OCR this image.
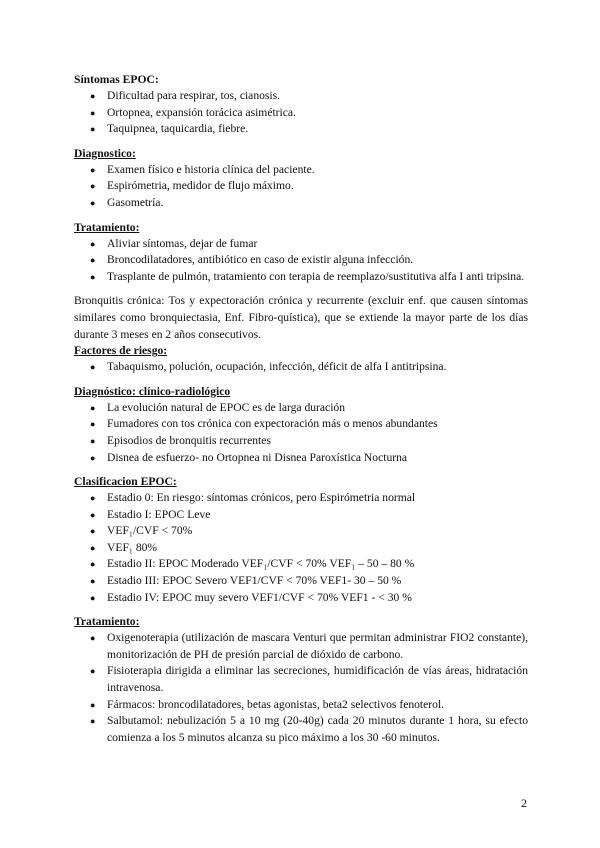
Síntomas EPOC:

● Dificultad para respirar, tos, cianosis.
● Ortopnea, expansión torácica asimétrica.
● Taquipnea, taquicardia, fiebre.

Diagnostico:

● Examen físico e historia clínica del paciente.
● Espirómetria, medidor de flujo máximo.
● Gasometría.

Tratamiento:

● Aliviar síntomas, dejar de fumar
● Broncodilatadores, antibiótico en caso de existir alguna infección.
● Trasplante de pulmón, tratamiento con terapia de reemplazo/sustitutiva alfa I anti tripsina.

Bronquitis crónica: Tos y expectoración crónica y recurrente (excluir enf. que causen síntomas similares como bronquiectasia, Enf. Fibro-quística), que se extiende la mayor parte de los días durante 3 meses en 2 años consecutivos.

Factores de riesgo:

● Tabaquismo, polución, ocupación, infección, déficit de alfa I antitripsina.

Diagnóstico: clínico-radiológico

● La evolución natural de EPOC es de larga duración
● Fumadores con tos crónica con expectoración más o menos abundantes
● Episodios de bronquitis recurrentes
● Disnea de esfuerzo- no Ortopnea ni Disnea Paroxística Nocturna

Clasificacion EPOC:

● Estadio 0: En riesgo: síntomas crónicos, pero Espirómetria normal
● Estadio I: EPOC Leve
● VEF₁/CVF < 70%
● VEF₁ 80%
● Estadio II: EPOC Moderado VEF₁/CVF < 70% VEF₁ – 50 – 80 %
● Estadio III: EPOC Severo VEF1/CVF < 70% VEF1- 30 – 50 %
● Estadio IV: EPOC muy severo VEF1/CVF < 70% VEF1 - < 30 %

Tratamiento:

● Oxigenoterapia (utilización de mascara Venturi que permitan administrar FIO2 constante), monitorización de PH de presión parcial de dióxido de carbono.
● Fisioterapia dirigida a eliminar las secreciones, humidificación de vías áreas, hidratación intravenosa.
● Fármacos: broncodilatadores, betas agonistas, beta2 selectivos fenoterol.
● Salbutamol: nebulización 5 a 10 mg (20-40g) cada 20 minutos durante 1 hora, su efecto comienza a los 5 minutos alcanza su pico máximo a los 30 -60 minutos.
2
